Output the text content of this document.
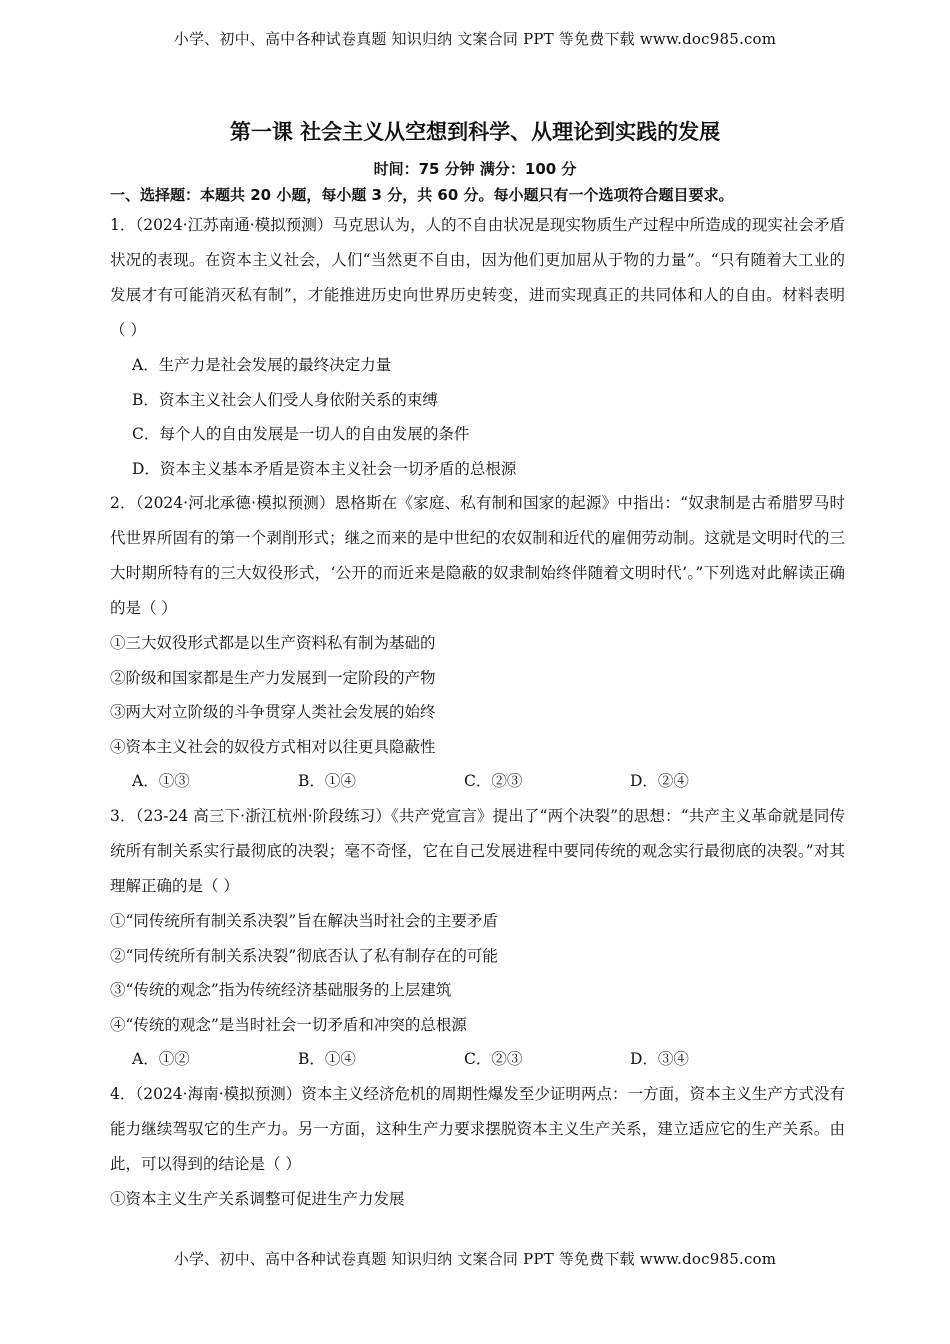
小学、初中、高中各种试卷真题 知识归纳 文案合同 PPT 等免费下载 www.doc985.com
第一课 社会主义从空想到科学、从理论到实践的发展
时间：75 分钟 满分：100 分
一、选择题：本题共 20 小题，每小题 3 分，共 60 分。每小题只有一个选项符合题目要求。
1．（2024·江苏南通·模拟预测）马克思认为，人的不自由状况是现实物质生产过程中所造成的现实社会矛盾状况的表现。在资本主义社会，人们“当然更不自由，因为他们更加屈从于物的力量”。“只有随着大工业的发展才有可能消灭私有制”，才能推进历史向世界历史转变，进而实现真正的共同体和人的自由。材料表明（ ）
A．生产力是社会发展的最终决定力量
B．资本主义社会人们受人身依附关系的束缚
C．每个人的自由发展是一切人的自由发展的条件
D．资本主义基本矛盾是资本主义社会一切矛盾的总根源
2．（2024·河北承德·模拟预测）恩格斯在《家庭、私有制和国家的起源》中指出：“奴隶制是古希腊罗马时代世界所固有的第一个剥削形式；继之而来的是中世纪的农奴制和近代的雇佣劳动制。这就是文明时代的三大时期所特有的三大奴役形式，‘公开的而近来是隐蔽的奴隶制始终伴随着文明时代’。”下列选对此解读正确的是（ ）
①三大奴役形式都是以生产资料私有制为基础的
②阶级和国家都是生产力发展到一定阶段的产物
③两大对立阶级的斗争贯穿人类社会发展的始终
④资本主义社会的奴役方式相对以往更具隐蔽性
A．①③	B．①④	C．②③	D．②④
3．（23-24 高三下·浙江杭州·阶段练习）《共产党宣言》提出了“两个决裂”的思想：“共产主义革命就是同传统所有制关系实行最彻底的决裂；毫不奇怪，它在自己发展进程中要同传统的观念实行最彻底的决裂。”对其理解正确的是（ ）
①“同传统所有制关系决裂”旨在解决当时社会的主要矛盾
②“同传统所有制关系决裂”彻底否认了私有制存在的可能
③“传统的观念”指为传统经济基础服务的上层建筑
④“传统的观念”是当时社会一切矛盾和冲突的总根源
A．①②	B．①④	C．②③	D．③④
4．（2024·海南·模拟预测）资本主义经济危机的周期性爆发至少证明两点：一方面，资本主义生产方式没有能力继续驾驭它的生产力。另一方面，这种生产力要求摆脱资本主义生产关系，建立适应它的生产关系。由此，可以得到的结论是（ ）
①资本主义生产关系调整可促进生产力发展
小学、初中、高中各种试卷真题 知识归纳 文案合同 PPT 等免费下载 www.doc985.com
